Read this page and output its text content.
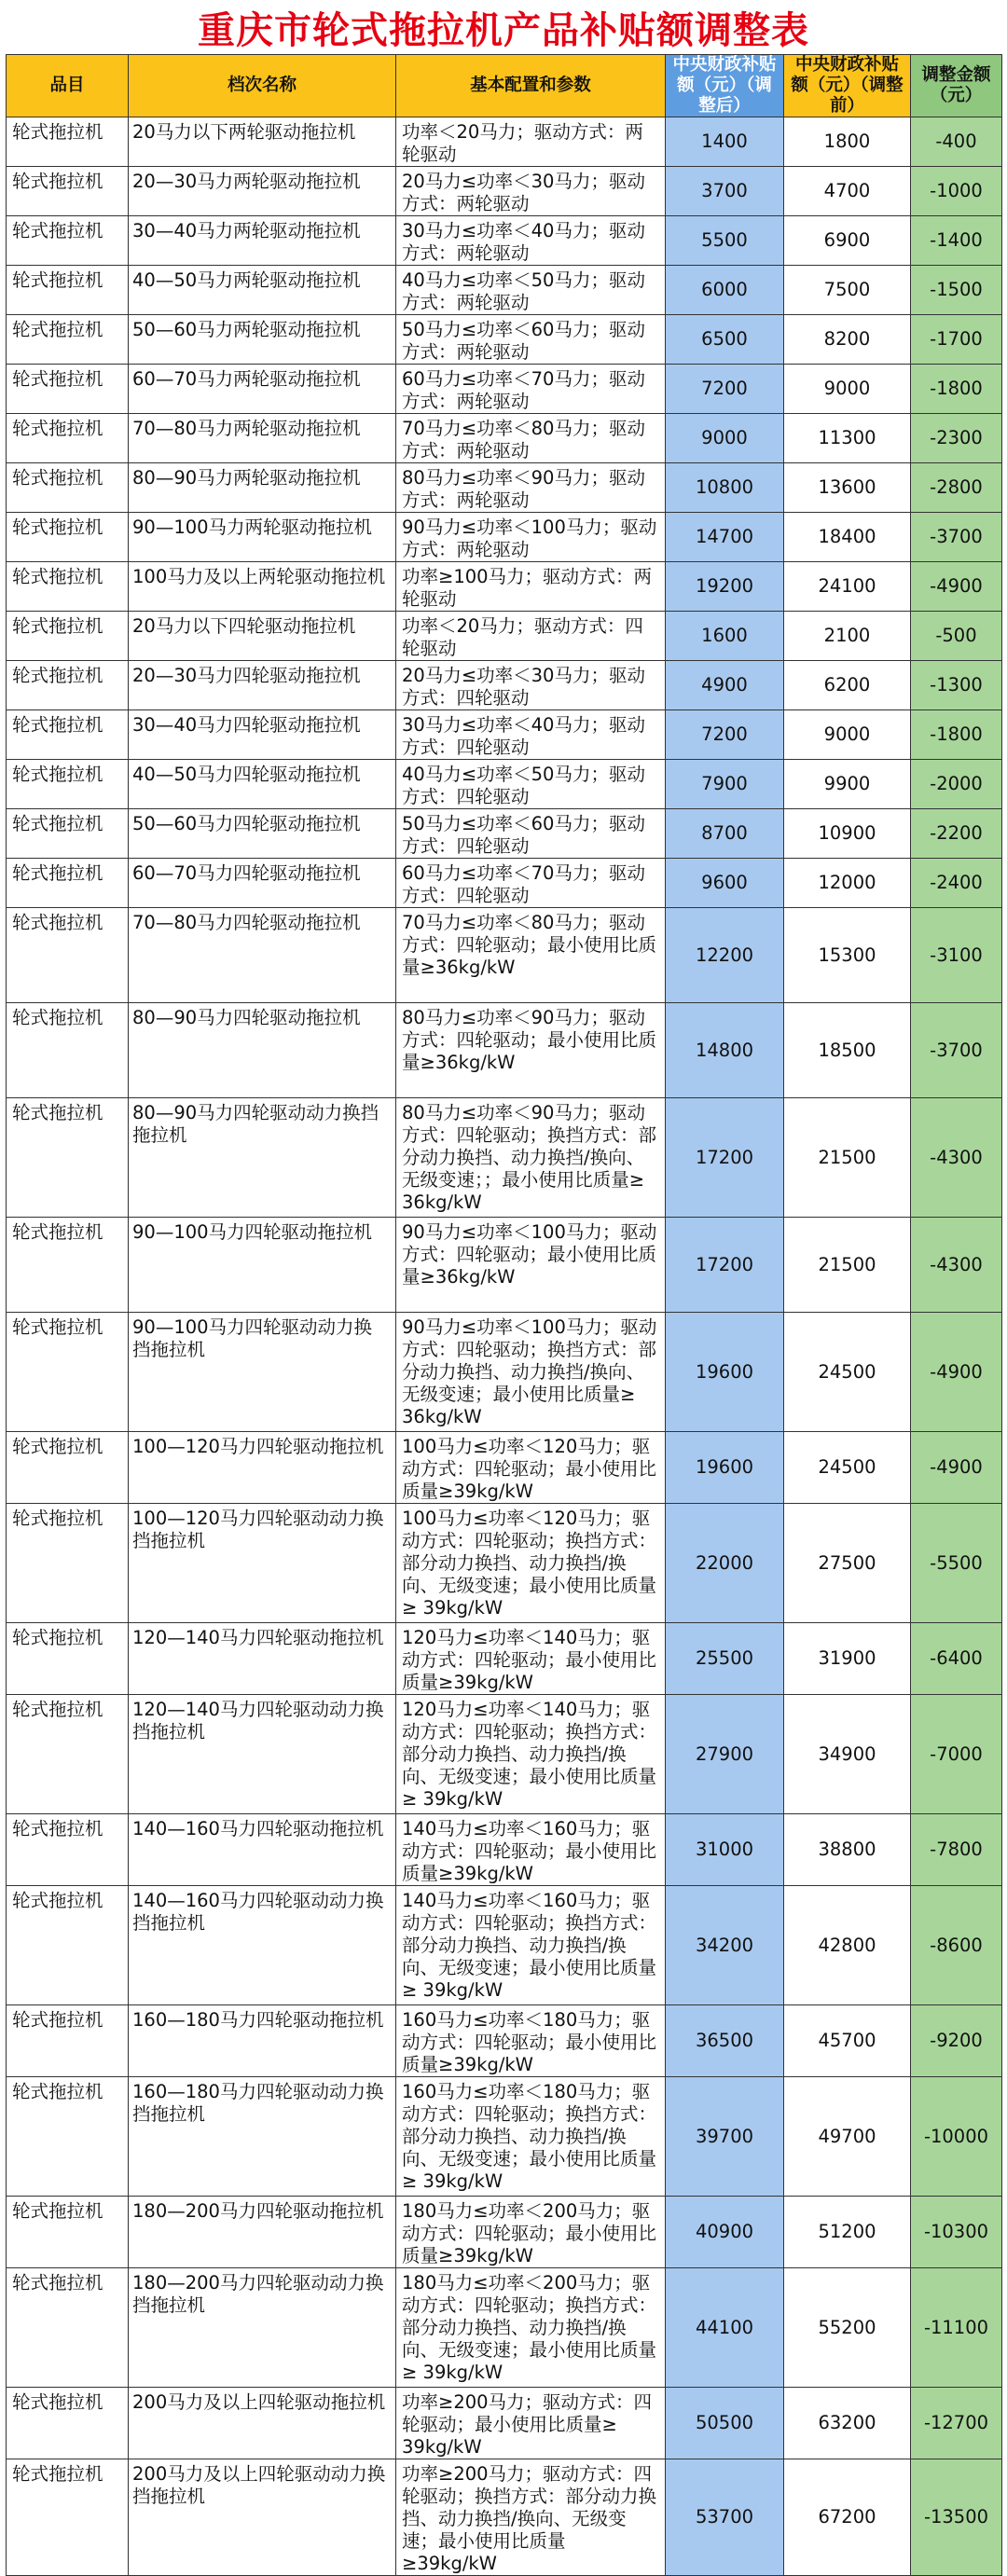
重庆市轮式拖拉机产品补贴额调整表
品目	档次名称	基本配置和参数	中央财政补贴额（元）（调整后）	中央财政补贴额（元）（调整前）	调整金额（元）
轮式拖拉机	20马力以下两轮驱动拖拉机	功率＜20马力；驱动方式：两轮驱动	1400	1800	-400
轮式拖拉机	20—30马力两轮驱动拖拉机	20马力≤功率＜30马力；驱动方式：两轮驱动	3700	4700	-1000
轮式拖拉机	30—40马力两轮驱动拖拉机	30马力≤功率＜40马力；驱动方式：两轮驱动	5500	6900	-1400
轮式拖拉机	40—50马力两轮驱动拖拉机	40马力≤功率＜50马力；驱动方式：两轮驱动	6000	7500	-1500
轮式拖拉机	50—60马力两轮驱动拖拉机	50马力≤功率＜60马力；驱动方式：两轮驱动	6500	8200	-1700
轮式拖拉机	60—70马力两轮驱动拖拉机	60马力≤功率＜70马力；驱动方式：两轮驱动	7200	9000	-1800
轮式拖拉机	70—80马力两轮驱动拖拉机	70马力≤功率＜80马力；驱动方式：两轮驱动	9000	11300	-2300
轮式拖拉机	80—90马力两轮驱动拖拉机	80马力≤功率＜90马力；驱动方式：两轮驱动	10800	13600	-2800
轮式拖拉机	90—100马力两轮驱动拖拉机	90马力≤功率＜100马力；驱动方式：两轮驱动	14700	18400	-3700
轮式拖拉机	100马力及以上两轮驱动拖拉机	功率≥100马力；驱动方式：两轮驱动	19200	24100	-4900
轮式拖拉机	20马力以下四轮驱动拖拉机	功率＜20马力；驱动方式：四轮驱动	1600	2100	-500
轮式拖拉机	20—30马力四轮驱动拖拉机	20马力≤功率＜30马力；驱动方式：四轮驱动	4900	6200	-1300
轮式拖拉机	30—40马力四轮驱动拖拉机	30马力≤功率＜40马力；驱动方式：四轮驱动	7200	9000	-1800
轮式拖拉机	40—50马力四轮驱动拖拉机	40马力≤功率＜50马力；驱动方式：四轮驱动	7900	9900	-2000
轮式拖拉机	50—60马力四轮驱动拖拉机	50马力≤功率＜60马力；驱动方式：四轮驱动	8700	10900	-2200
轮式拖拉机	60—70马力四轮驱动拖拉机	60马力≤功率＜70马力；驱动方式：四轮驱动	9600	12000	-2400
轮式拖拉机	70—80马力四轮驱动拖拉机	70马力≤功率＜80马力；驱动方式：四轮驱动；最小使用比质量≥36kg/kW	12200	15300	-3100
轮式拖拉机	80—90马力四轮驱动拖拉机	80马力≤功率＜90马力；驱动方式：四轮驱动；最小使用比质量≥36kg/kW	14800	18500	-3700
轮式拖拉机	80—90马力四轮驱动动力换挡拖拉机	80马力≤功率＜90马力；驱动方式：四轮驱动；换挡方式：部分动力换挡、动力换挡/换向、无级变速；；最小使用比质量≥ 36kg/kW	17200	21500	-4300
轮式拖拉机	90—100马力四轮驱动拖拉机	90马力≤功率＜100马力；驱动方式：四轮驱动；最小使用比质量≥36kg/kW	17200	21500	-4300
轮式拖拉机	90—100马力四轮驱动动力换挡拖拉机	90马力≤功率＜100马力；驱动方式：四轮驱动；换挡方式：部分动力换挡、动力换挡/换向、无级变速；最小使用比质量≥ 36kg/kW	19600	24500	-4900
轮式拖拉机	100—120马力四轮驱动拖拉机	100马力≤功率＜120马力；驱动方式：四轮驱动；最小使用比质量≥39kg/kW	19600	24500	-4900
轮式拖拉机	100—120马力四轮驱动动力换挡拖拉机	100马力≤功率＜120马力；驱动方式：四轮驱动；换挡方式：部分动力换挡、动力换挡/换向、无级变速；最小使用比质量≥ 39kg/kW	22000	27500	-5500
轮式拖拉机	120—140马力四轮驱动拖拉机	120马力≤功率＜140马力；驱动方式：四轮驱动；最小使用比质量≥39kg/kW	25500	31900	-6400
轮式拖拉机	120—140马力四轮驱动动力换挡拖拉机	120马力≤功率＜140马力；驱动方式：四轮驱动；换挡方式：部分动力换挡、动力换挡/换向、无级变速；最小使用比质量≥ 39kg/kW	27900	34900	-7000
轮式拖拉机	140—160马力四轮驱动拖拉机	140马力≤功率＜160马力；驱动方式：四轮驱动；最小使用比质量≥39kg/kW	31000	38800	-7800
轮式拖拉机	140—160马力四轮驱动动力换挡拖拉机	140马力≤功率＜160马力；驱动方式：四轮驱动；换挡方式：部分动力换挡、动力换挡/换向、无级变速；最小使用比质量≥ 39kg/kW	34200	42800	-8600
轮式拖拉机	160—180马力四轮驱动拖拉机	160马力≤功率＜180马力；驱动方式：四轮驱动；最小使用比质量≥39kg/kW	36500	45700	-9200
轮式拖拉机	160—180马力四轮驱动动力换挡拖拉机	160马力≤功率＜180马力；驱动方式：四轮驱动；换挡方式：部分动力换挡、动力换挡/换向、无级变速；最小使用比质量≥ 39kg/kW	39700	49700	-10000
轮式拖拉机	180—200马力四轮驱动拖拉机	180马力≤功率＜200马力；驱动方式：四轮驱动；最小使用比质量≥39kg/kW	40900	51200	-10300
轮式拖拉机	180—200马力四轮驱动动力换挡拖拉机	180马力≤功率＜200马力；驱动方式：四轮驱动；换挡方式：部分动力换挡、动力换挡/换向、无级变速；最小使用比质量≥ 39kg/kW	44100	55200	-11100
轮式拖拉机	200马力及以上四轮驱动拖拉机	功率≥200马力；驱动方式：四轮驱动；最小使用比质量≥ 39kg/kW	50500	63200	-12700
轮式拖拉机	200马力及以上四轮驱动动力换挡拖拉机	功率≥200马力；驱动方式：四轮驱动；换挡方式：部分动力换挡、动力换挡/换向、无级变速；最小使用比质量≥39kg/kW	53700	67200	-13500
